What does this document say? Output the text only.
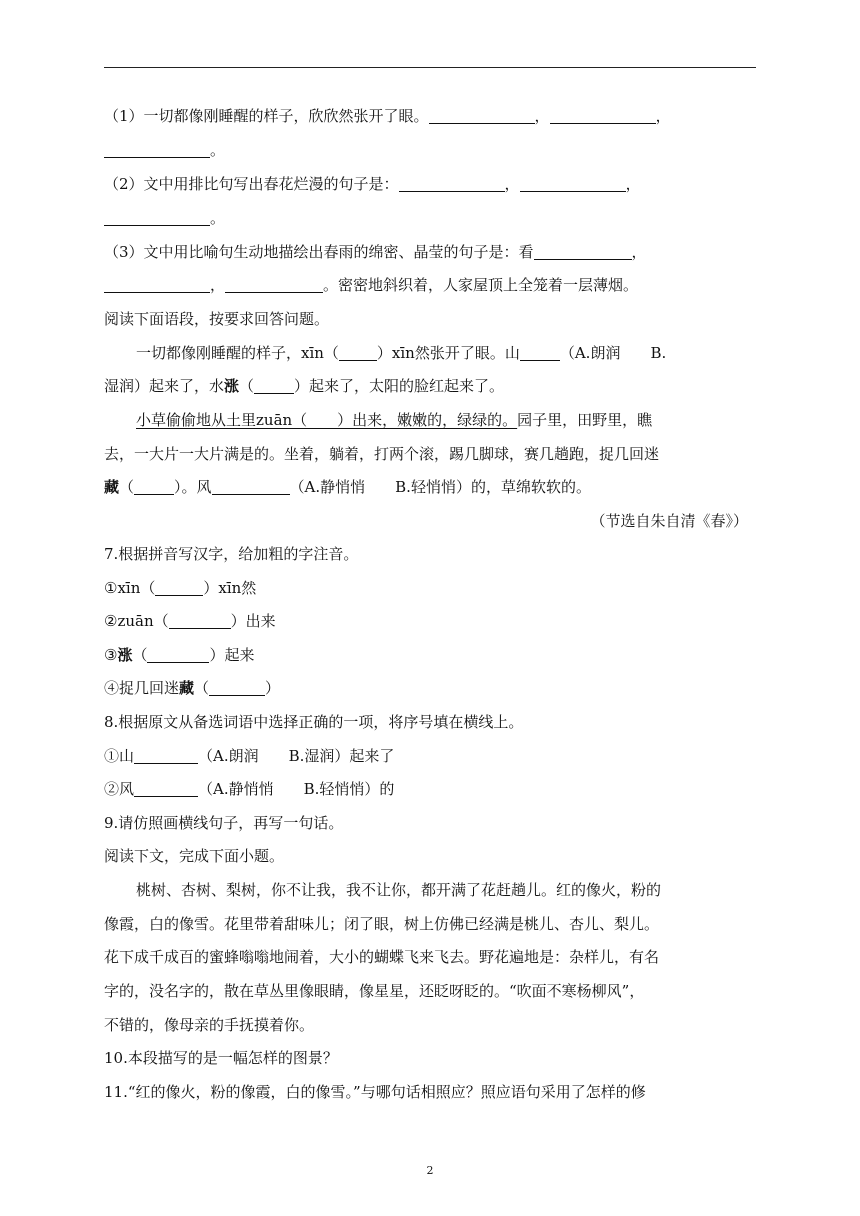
（1）一切都像刚睡醒的样子，欣欣然张开了眼。	，	，
。
（2）文中用排比句写出春花烂漫的句子是：	，	，
。
（3）文中用比喻句生动地描绘出春雨的绵密、晶莹的句子是：看	，
，	。密密地斜织着，人家屋顶上全笼着一层薄烟。
阅读下面语段，按要求回答问题。
一切都像刚睡醒的样子，xīn（	）xīn然张开了眼。山	（A.朗润　　B.
湿润）起来了，水涨（	）起来了，太阳的脸红起来了。
小草偷偷地从土里zuān（　　）出来，嫩嫩的，绿绿的。园子里，田野里，瞧
去，一大片一大片满是的。坐着，躺着，打两个滚，踢几脚球，赛几趟跑，捉几回迷
藏（	）。风	（A.静悄悄　　B.轻悄悄）的，草绵软软的。
（节选自朱自清《春》）
7.根据拼音写汉字，给加粗的字注音。
①xīn（	）xīn然
②zuān（	）出来
③涨（	）起来
④捉几回迷藏（	）
8.根据原文从备选词语中选择正确的一项，将序号填在横线上。
①山	（A.朗润　　B.湿润）起来了
②风	（A.静悄悄　　B.轻悄悄）的
9.请仿照画横线句子，再写一句话。
阅读下文，完成下面小题。
桃树、杏树、梨树，你不让我，我不让你，都开满了花赶趟儿。红的像火，粉的
像霞，白的像雪。花里带着甜味儿；闭了眼，树上仿佛已经满是桃儿、杏儿、梨儿。
花下成千成百的蜜蜂嗡嗡地闹着，大小的蝴蝶飞来飞去。野花遍地是：杂样儿，有名
字的，没名字的，散在草丛里像眼睛，像星星，还眨呀眨的。“吹面不寒杨柳风”，
不错的，像母亲的手抚摸着你。
10.本段描写的是一幅怎样的图景？
11.“红的像火，粉的像霞，白的像雪。”与哪句话相照应？照应语句采用了怎样的修
2
